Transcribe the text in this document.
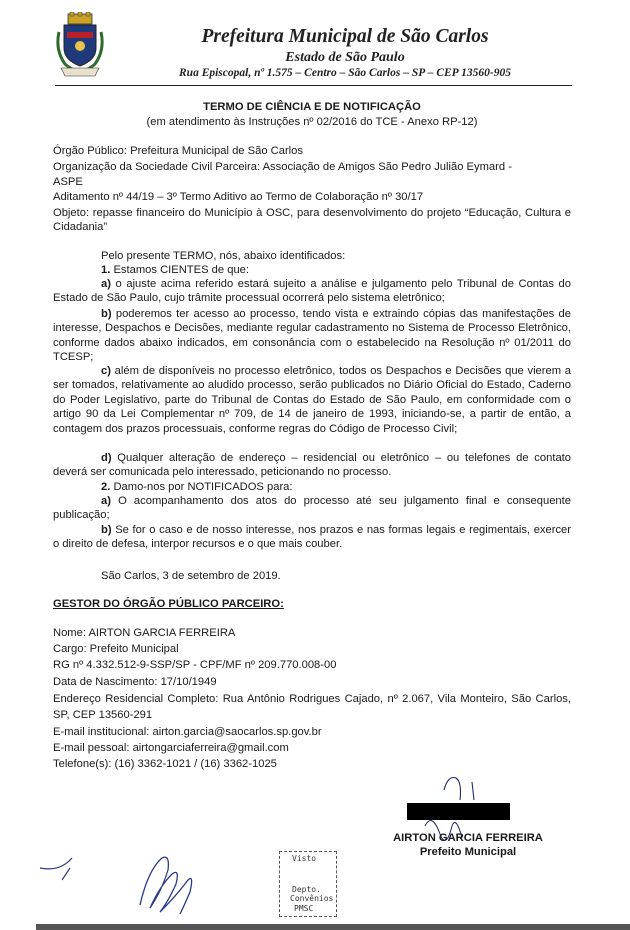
Prefeitura Municipal de São Carlos
Estado de São Paulo
Rua Episcopal, nº 1.575 – Centro – São Carlos – SP – CEP 13560-905
TERMO DE CIÊNCIA E DE NOTIFICAÇÃO
(em atendimento às Instruções nº 02/2016 do TCE - Anexo RP-12)
Órgão Público: Prefeitura Municipal de São Carlos
Organização da Sociedade Civil Parceira: Associação de Amigos São Pedro Julião Eymard -
ASPE
Aditamento nº 44/19 – 3º Termo Aditivo ao Termo de Colaboração nº 30/17
Objeto: repasse financeiro do Município à OSC, para desenvolvimento do projeto “Educação, Cultura e Cidadania”
Pelo presente TERMO, nós, abaixo identificados:
1. Estamos CIENTES de que:
a) o ajuste acima referido estará sujeito a análise e julgamento pelo Tribunal de Contas do Estado de São Paulo, cujo trâmite processual ocorrerá pelo sistema eletrônico;
b) poderemos ter acesso ao processo, tendo vista e extraindo cópias das manifestações de interesse, Despachos e Decisões, mediante regular cadastramento no Sistema de Processo Eletrônico, conforme dados abaixo indicados, em consonância com o estabelecido na Resolução nº 01/2011 do TCESP;
c) além de disponíveis no processo eletrônico, todos os Despachos e Decisões que vierem a ser tomados, relativamente ao aludido processo, serão publicados no Diário Oficial do Estado, Caderno do Poder Legislativo, parte do Tribunal de Contas do Estado de São Paulo, em conformidade com o artigo 90 da Lei Complementar nº 709, de 14 de janeiro de 1993, iniciando-se, a partir de então, a contagem dos prazos processuais, conforme regras do Código de Processo Civil;
d) Qualquer alteração de endereço – residencial ou eletrônico – ou telefones de contato deverá ser comunicada pelo interessado, peticionando no processo.
2. Damo-nos por NOTIFICADOS para:
a) O acompanhamento dos atos do processo até seu julgamento final e consequente publicação;
b) Se for o caso e de nosso interesse, nos prazos e nas formas legais e regimentais, exercer o direito de defesa, interpor recursos e o que mais couber.
São Carlos, 3 de setembro de 2019.
GESTOR DO ÓRGÃO PÚBLICO PARCEIRO:
Nome: AIRTON GARCIA FERREIRA
Cargo: Prefeito Municipal
RG nº 4.332.512-9-SSP/SP - CPF/MF nº 209.770.008-00
Data de Nascimento: 17/10/1949
Endereço Residencial Completo: Rua Antônio Rodrigues Cajado, nº 2.067, Vila Monteiro, São Carlos, SP, CEP 13560-291
E-mail institucional: airton.garcia@saocarlos.sp.gov.br
E-mail pessoal: airtongarciaferreira@gmail.com
Telefone(s): (16) 3362-1021 / (16) 3362-1025
AIRTON GARCIA FERREIRA
Prefeito Municipal
Visto
Depto.
Convênios
PMSC
